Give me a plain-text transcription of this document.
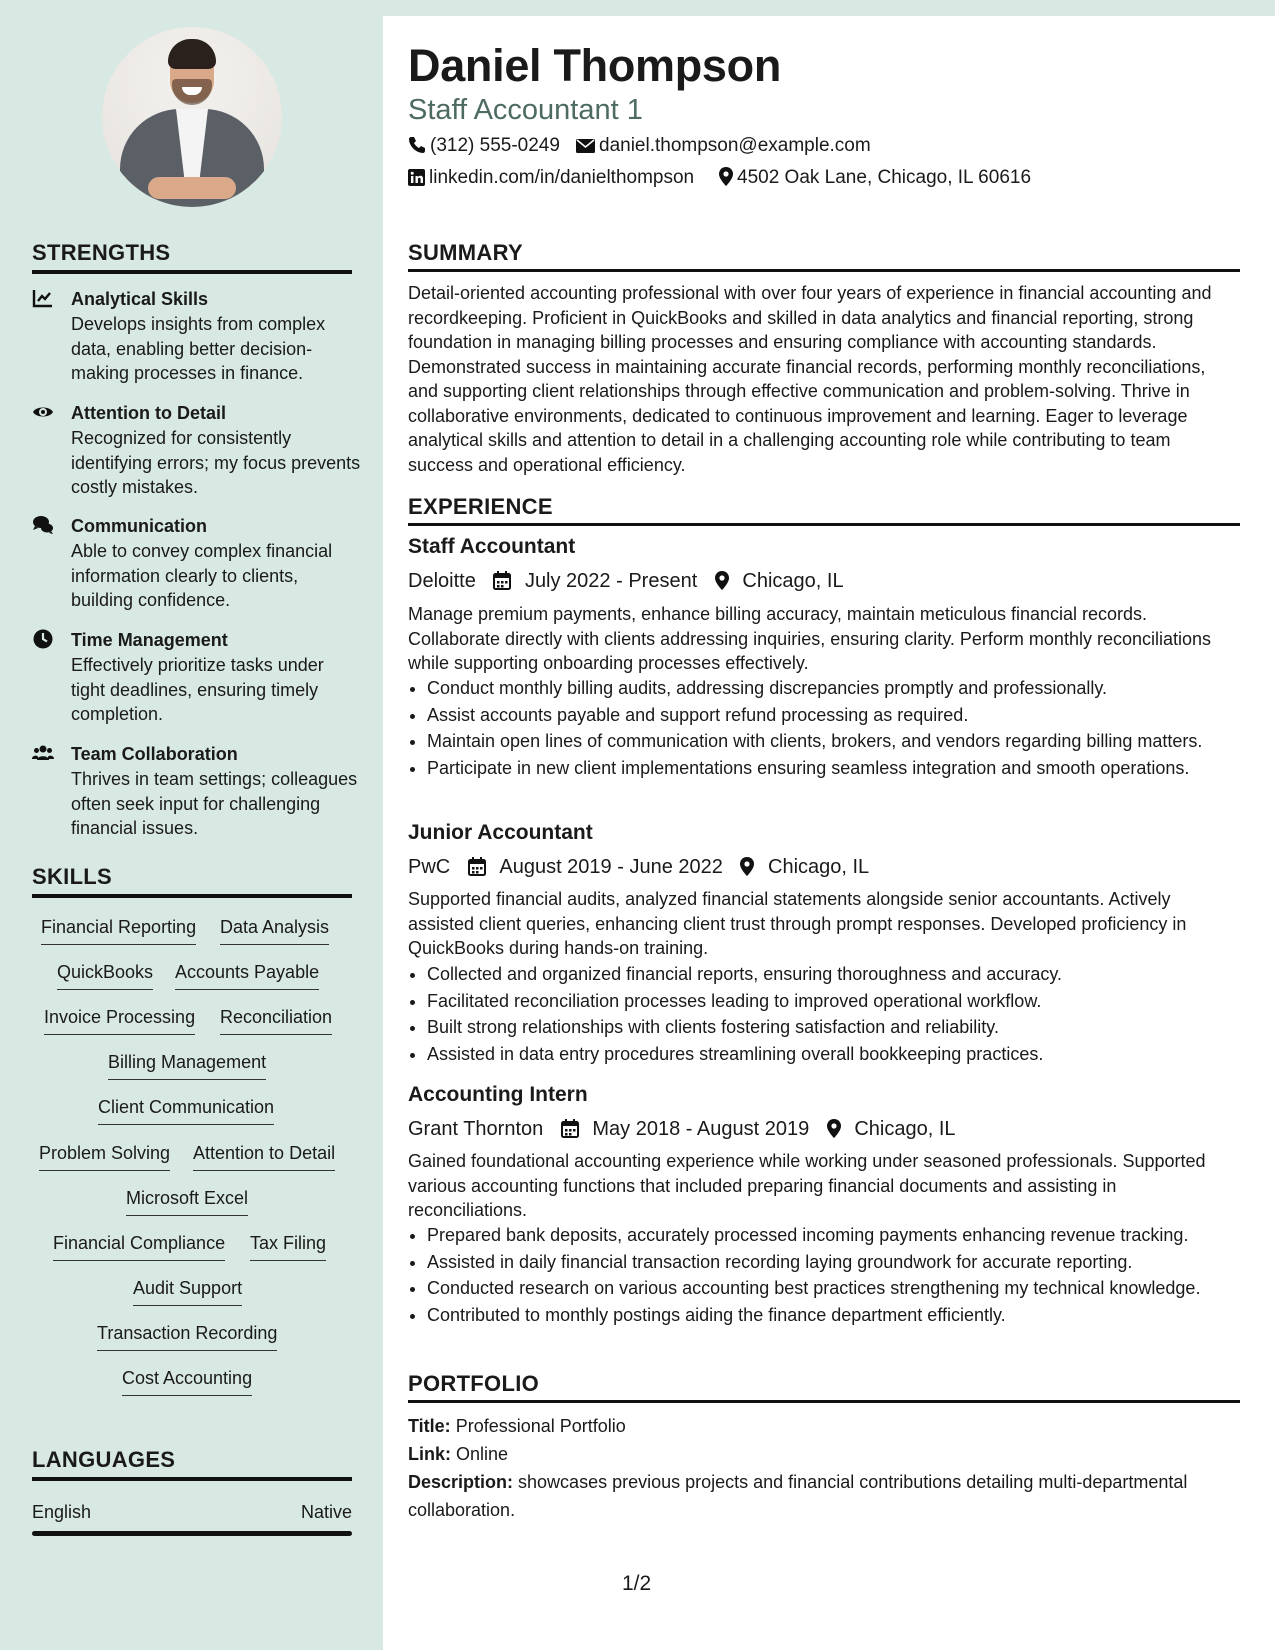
STRENGTHS
Analytical Skills
Develops insights from complex data, enabling better decision-making processes in finance.
Attention to Detail
Recognized for consistently identifying errors; my focus prevents costly mistakes.
Communication
Able to convey complex financial information clearly to clients, building confidence.
Time Management
Effectively prioritize tasks under tight deadlines, ensuring timely completion.
Team Collaboration
Thrives in team settings; colleagues often seek input for challenging financial issues.
SKILLS
Financial Reporting Data Analysis
QuickBooks Accounts Payable
Invoice Processing Reconciliation
Billing Management
Client Communication
Problem Solving Attention to Detail
Microsoft Excel
Financial Compliance Tax Filing
Audit Support
Transaction Recording
Cost Accounting
LANGUAGES
English	Native
Daniel Thompson
Staff Accountant 1
(312) 555-0249	daniel.thompson@example.com
linkedin.com/in/danielthompson	4502 Oak Lane, Chicago, IL 60616
SUMMARY
Detail-oriented accounting professional with over four years of experience in financial accounting and recordkeeping. Proficient in QuickBooks and skilled in data analytics and financial reporting, strong foundation in managing billing processes and ensuring compliance with accounting standards. Demonstrated success in maintaining accurate financial records, performing monthly reconciliations, and supporting client relationships through effective communication and problem-solving. Thrive in collaborative environments, dedicated to continuous improvement and learning. Eager to leverage analytical skills and attention to detail in a challenging accounting role while contributing to team success and operational efficiency.
EXPERIENCE
Staff Accountant
Deloitte July 2022 - Present Chicago, IL
Manage premium payments, enhance billing accuracy, maintain meticulous financial records. Collaborate directly with clients addressing inquiries, ensuring clarity. Perform monthly reconciliations while supporting onboarding processes effectively.
• Conduct monthly billing audits, addressing discrepancies promptly and professionally.
• Assist accounts payable and support refund processing as required.
• Maintain open lines of communication with clients, brokers, and vendors regarding billing matters.
• Participate in new client implementations ensuring seamless integration and smooth operations.
Junior Accountant
PwC August 2019 - June 2022 Chicago, IL
Supported financial audits, analyzed financial statements alongside senior accountants. Actively assisted client queries, enhancing client trust through prompt responses. Developed proficiency in QuickBooks during hands-on training.
• Collected and organized financial reports, ensuring thoroughness and accuracy.
• Facilitated reconciliation processes leading to improved operational workflow.
• Built strong relationships with clients fostering satisfaction and reliability.
• Assisted in data entry procedures streamlining overall bookkeeping practices.
Accounting Intern
Grant Thornton May 2018 - August 2019 Chicago, IL
Gained foundational accounting experience while working under seasoned professionals. Supported various accounting functions that included preparing financial documents and assisting in reconciliations.
• Prepared bank deposits, accurately processed incoming payments enhancing revenue tracking.
• Assisted in daily financial transaction recording laying groundwork for accurate reporting.
• Conducted research on various accounting best practices strengthening my technical knowledge.
• Contributed to monthly postings aiding the finance department efficiently.
PORTFOLIO
Title: Professional Portfolio
Link: Online
Description: showcases previous projects and financial contributions detailing multi-departmental collaboration.
1/2
